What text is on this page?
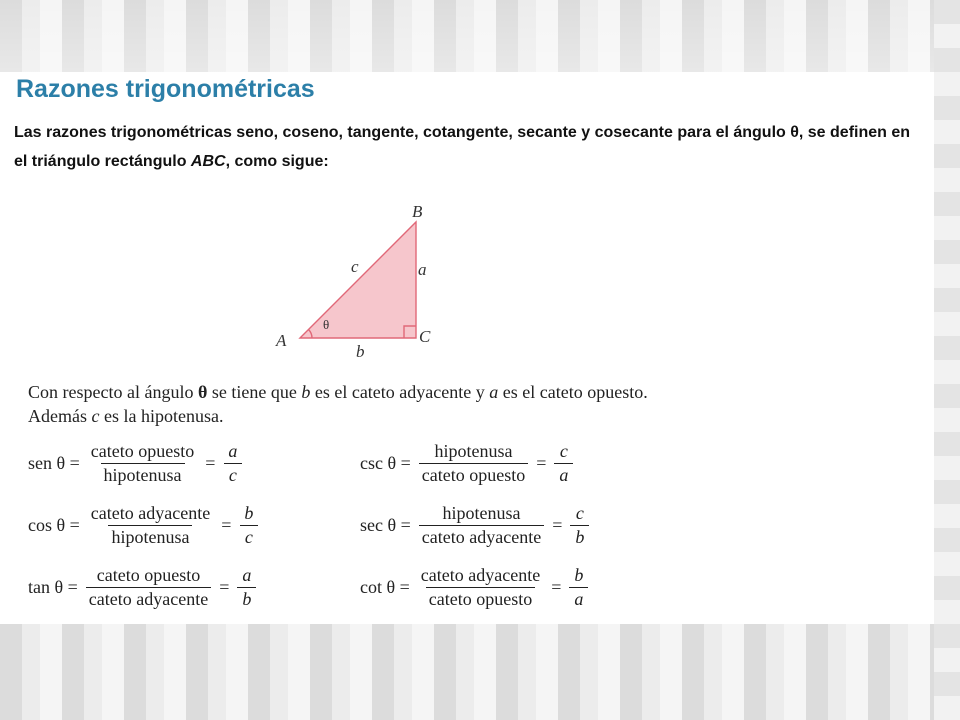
Razones trigonométricas
Las razones trigonométricas seno, coseno, tangente, cotangente, secante y cosecante para el ángulo θ, se definen en el triángulo rectángulo ABC, como sigue:
B
A	C
a
b
c
θ
Con respecto al ángulo θ se tiene que b es el cateto adyacente y a es el cateto opuesto.
Además c es la hipotenusa.
sen $\theta = \frac{\text{cateto opuesto}}{\text{hipotenusa}} = \frac{a}{c}$
$\cos \theta = \frac{\text{cateto adyacente}}{\text{hipotenusa}} = \frac{b}{c}$
$\tan \theta = \frac{\text{cateto opuesto}}{\text{cateto adyacente}} = \frac{a}{b}$
$\csc \theta = \frac{\text{hipotenusa}}{\text{cateto opuesto}} = \frac{c}{a}$
$\sec \theta = \frac{\text{hipotenusa}}{\text{cateto adyacente}} = \frac{c}{b}$
$\cot \theta = \frac{\text{cateto adyacente}}{\text{cateto opuesto}} = \frac{b}{a}$
